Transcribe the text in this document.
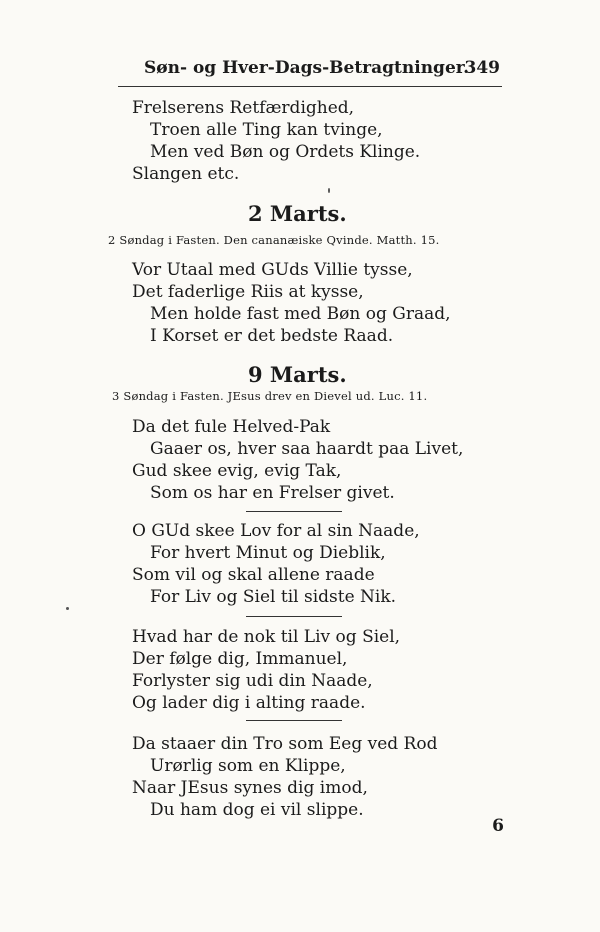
Søn- og Hver-Dags-Betragtninger.
349
Frelserens Retfærdighed,
Troen alle Ting kan tvinge,
Men ved Bøn og Ordets Klinge.
Slangen etc.
2 Marts.
2 Søndag i Fasten. Den cananæiske Qvinde. Matth. 15.
Vor Utaal med GUds Villie tysse,
Det faderlige Riis at kysse,
Men holde fast med Bøn og Graad,
I Korset er det bedste Raad.
9 Marts.
3 Søndag i Fasten. JEsus drev en Dievel ud. Luc. 11.
Da det fule Helved-Pak
Gaaer os, hver saa haardt paa Livet,
Gud skee evig, evig Tak,
Som os har en Frelser givet.
O GUd skee Lov for al sin Naade,
For hvert Minut og Dieblik,
Som vil og skal allene raade
For Liv og Siel til sidste Nik.
Hvad har de nok til Liv og Siel,
Der følge dig, Immanuel,
Forlyster sig udi din Naade,
Og lader dig i alting raade.
Da staaer din Tro som Eeg ved Rod
Urørlig som en Klippe,
Naar JEsus synes dig imod,
Du ham dog ei vil slippe.
6
